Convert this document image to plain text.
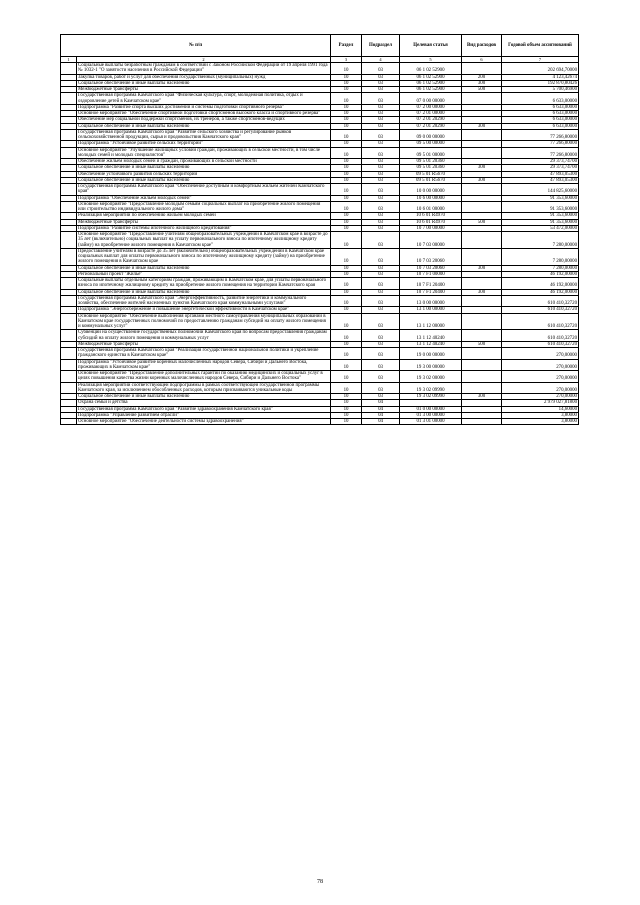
№ п/п		Раздел	Подраздел	Целевая статья	Вид расходов	Годовой объем ассигнований
1	2	3	4	5	6	7
	Социальные выплаты безработным гражданам в соответствии с Законом Российской Федерации от 19 апреля 1991 года № 1032-1 "О занятости населения в Российской Федерации"	10	03	06 1 02 52900		202 694,70000
	Закупка товаров, работ и услуг для обеспечения государственных (муниципальных) нужд	10	03	06 1 02 52900	200	4 123,42674
	Социальное обеспечение и иные выплаты населению	10	03	06 1 02 52900	300	192 870,80426
	Межбюджетные трансферты	10	03	06 1 02 52900	500	5 700,46900
	Государственная программа Камчатского края "Физическая культура, спорт, молодежная политика, отдых и оздоровление детей в Камчатском крае"	10	03	07 0 00 00000		6 633,00000
	Подпрограмма "Развитие спорта высших достижений и системы подготовки спортивного резерва"	10	03	07 2 00 00000		6 633,00000
	Основное мероприятие "Обеспечение спортивной подготовки спортсменов высокого класса и спортивного резерва"	10	03	07 2 01 00000		6 633,00000
	Обеспечение мер социальной поддержки спортсменов, их тренеров, а также спортсменов-ведущих	10	03	07 2 01 20290		6 633,00000
	Социальное обеспечение и иные выплаты населению	10	03	07 2 01 20290	300	6 633,00000
	Государственная программа Камчатского края "Развитие сельского хозяйства и регулирование рынков сельскохозяйственной продукции, сырья и продовольствия Камчатского края"	10	03	09 0 00 00000		77 266,80000
	Подпрограмма "Устойчивое развитие сельских территорий"	10	03	09 5 00 00000		77 266,80000
	Основное мероприятие "Улучшение жилищных условий граждан, проживающих в сельской местности, в том числе молодых семей и молодых специалистов"	10	03	09 5 01 00000		77 266,80000
	Обеспечение жильем молодых семей и граждан, проживающих в сельской местности	10	03	09 5 01 20360		29 373,74700
	Социальное обеспечение и иные выплаты населению	10	03	09 5 01 20360	300	29 373,74700
	Обеспечение устойчивого развития сельских территорий	10	03	09 5 01 R5670		47 893,05300
	Социальное обеспечение и иные выплаты населению	10	03	09 5 01 R5670	300	47 893,05300
	Государственная программа Камчатского края "Обеспечение доступным и комфортным жильем жителей Камчатского края"	10	03	10 0 00 00000		144 825,60000
	Подпрограмма "Обеспечение жильем молодых семей"	10	03	10 6 00 00000		91 353,60000
	Основное мероприятие "Предоставление молодым семьям социальных выплат на приобретение жилого помещения или строительство индивидуального жилого дома"	10	03	10 6 01 00000		91 353,60000
	Реализация мероприятий по обеспечению жильем молодых семей	10	03	10 6 01 R4970		91 353,60000
	Межбюджетные трансферты	10	03	10 6 01 R4970	500	91 353,60000
	Подпрограмма "Развитие системы ипотечного жилищного кредитования"	10	03	10 7 00 00000		53 472,00000
	Основное мероприятие "Предоставление учителям общеобразовательных учреждений в Камчатском крае в возрасте до 35 лет (включительно) социальных выплат на уплату первоначального взноса по ипотечному жилищному кредиту (займу) на приобретение жилого помещения в Камчатском крае"	10	03	10 7 03 00000		7 280,00000
	Предоставление учителям в возрасте до 35 лет (включительно) общеобразовательных учреждений в Камчатском крае социальных выплат для оплаты первоначального взноса по ипотечному жилищному кредиту (займу) на приобретение жилого помещения в Камчатском крае	10	03	10 7 03 20060		7 280,00000
	Социальное обеспечение и иные выплаты населению	10	03	10 7 03 20060	300	7 280,00000
	Региональный проект "Жилье"	10	03	10 7 F1 00000		46 192,00000
	Социальные выплаты отдельным категориям граждан, проживающим в Камчатском крае, для уплаты первоначального взноса по ипотечному жилищному кредиту на приобретение жилого помещения на территории Камчатского края	10	03	10 7 F1 20400		46 192,00000
	Социальное обеспечение и иные выплаты населению	10	03	10 7 F1 20400	300	46 192,00000
	Государственная программа Камчатского края "Энергоэффективность, развитие энергетики и коммунального хозяйства, обеспечение жителей населенных пунктов Камчатского края коммунальными услугами"	10	03	13 0 00 00000		610 410,32720
	Подпрограмма "Энергосбережение и повышение энергетической эффективности в Камчатском крае"	10	03	13 1 00 00000		610 410,32720
	Основное мероприятие "Обеспечение выполнения органами местного самоуправления муниципальных образований в Камчатском крае государственных полномочий по предоставлению гражданам субсидий на оплату жилого помещения и коммунальных услуг"	10	03	13 1 12 00000		610 410,32720
	Субвенции на осуществление государственных полномочий Камчатского края по вопросам предоставления гражданам субсидий на оплату жилого помещения и коммунальных услуг	10	03	13 1 12 40240		610 410,32720
	Межбюджетные трансферты	10	03	13 1 12 40240	500	610 410,32720
	Государственная программа Камчатского края "Реализация государственной национальной политики и укрепление гражданского единства в Камчатском крае"	10	03	19 0 00 00000		270,00000
	Подпрограмма "Устойчивое развитие коренных малочисленных народов Севера, Сибири и Дальнего Востока, проживающих в Камчатском крае"	10	03	19 3 00 00000		270,00000
	Основное мероприятие "Предоставление дополнительных гарантий по оказанию медицинских и социальных услуг в целях повышения качества жизни коренных малочисленных народов Севера, Сибири и Дальнего Востока"	10	03	19 3 02 00000		270,00000
	Реализация мероприятий соответствующей подпрограммы в рамках соответствующей государственной программы Камчатского края, за исключением обособленных расходов, которым присваиваются уникальные коды	10	03	19 3 02 09990		270,00000
	Социальное обеспечение и иные выплаты населению	10	03	19 3 02 09990	300	270,00000
	Охрана семьи и детства	10	04			2 979 027,81800
	Государственная программа Камчатского края "Развитие здравоохранения Камчатского края"	10	04	01 0 00 00000		14,60000
	Подпрограмма "Управление развитием отрасли"	10	04	01 3 00 00000		3,80000
	Основное мероприятие "Обеспечение деятельности системы здравоохранения"	10	04	01 3 01 00000		3,80000
78
